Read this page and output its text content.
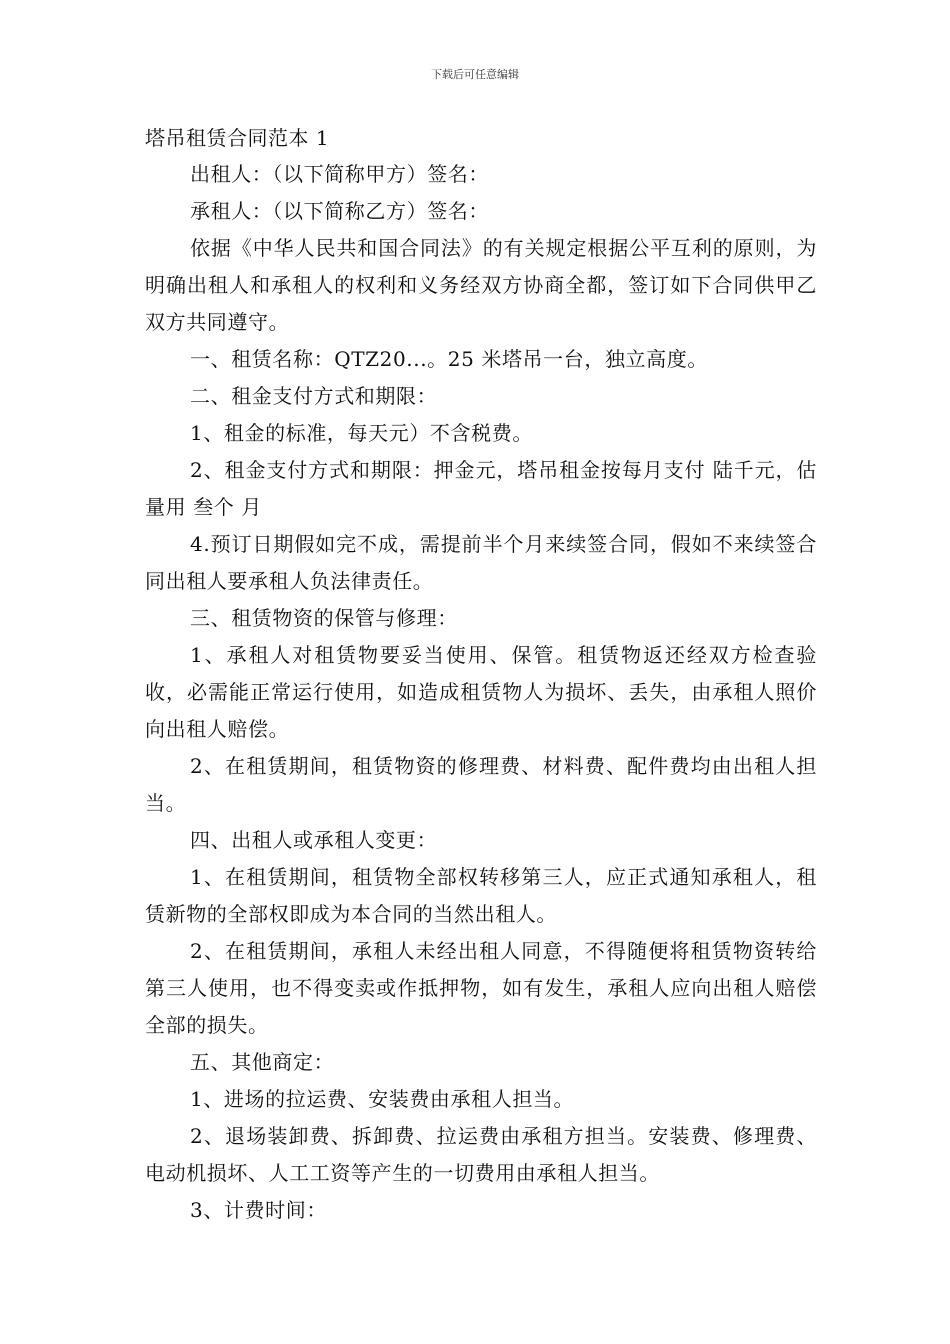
下载后可任意编辑
塔吊租赁合同范本 1

出租人：（以下简称甲方）签名：

承租人：（以下简称乙方）签名：

依据《中华人民共和国合同法》的有关规定根据公平互利的原则，为明确出租人和承租人的权利和义务经双方协商全都，签订如下合同供甲乙双方共同遵守。

一、租赁名称：QTZ20...。25 米塔吊一台，独立高度。

二、租金支付方式和期限：

1、租金的标准，每天元）不含税费。

2、租金支付方式和期限：押金元，塔吊租金按每月支付 陆千元，估量用 叁个 月

4.预订日期假如完不成，需提前半个月来续签合同，假如不来续签合同出租人要承租人负法律责任。

三、租赁物资的保管与修理：

1、承租人对租赁物要妥当使用、保管。租赁物返还经双方检查验收，必需能正常运行使用，如造成租赁物人为损坏、丢失，由承租人照价向出租人赔偿。

2、在租赁期间，租赁物资的修理费、材料费、配件费均由出租人担当。

四、出租人或承租人变更：

1、在租赁期间，租赁物全部权转移第三人，应正式通知承租人，租赁新物的全部权即成为本合同的当然出租人。

2、在租赁期间，承租人未经出租人同意，不得随便将租赁物资转给第三人使用，也不得变卖或作抵押物，如有发生，承租人应向出租人赔偿全部的损失。

五、其他商定：

1、进场的拉运费、安装费由承租人担当。

2、退场装卸费、拆卸费、拉运费由承租方担当。安装费、修理费、电动机损坏、人工工资等产生的一切费用由承租人担当。

3、计费时间：
